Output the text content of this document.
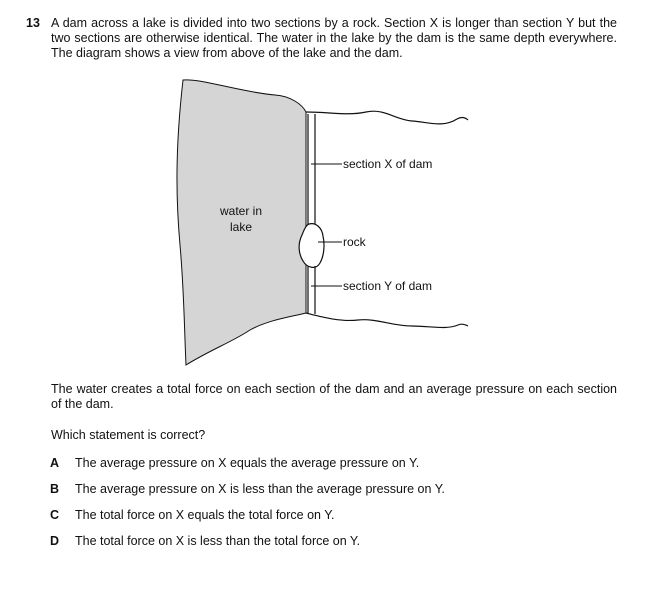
13 A dam across a lake is divided into two sections by a rock. Section X is longer than section Y but the two sections are otherwise identical. The water in the lake by the dam is the same depth everywhere. The diagram shows a view from above of the lake and the dam.
water in
lake
section X of dam
rock
section Y of dam
The water creates a total force on each section of the dam and an average pressure on each section of the dam.
Which statement is correct?
A	The average pressure on X equals the average pressure on Y.
B	The average pressure on X is less than the average pressure on Y.
C	The total force on X equals the total force on Y.
D	The total force on X is less than the total force on Y.
